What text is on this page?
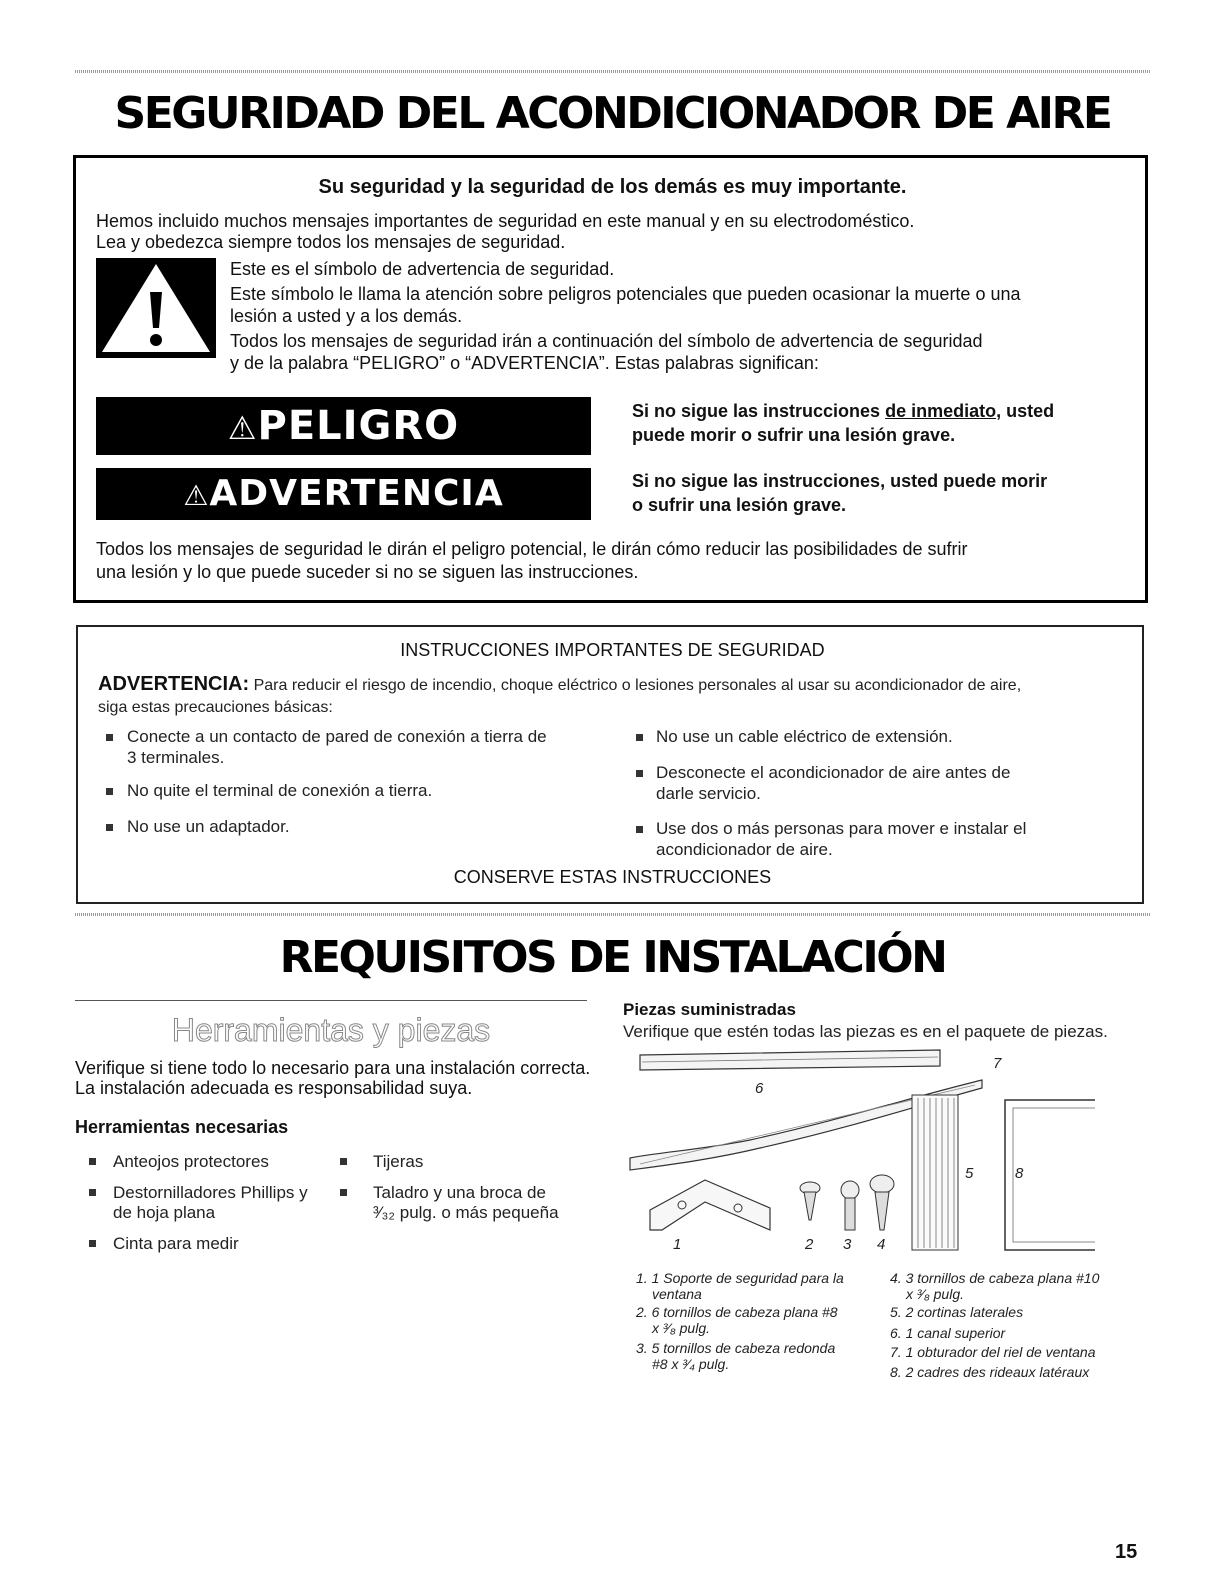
SEGURIDAD DEL ACONDICIONADOR DE AIRE
Su seguridad y la seguridad de los demás es muy importante.
Hemos incluido muchos mensajes importantes de seguridad en este manual y en su electrodoméstico.
Lea y obedezca siempre todos los mensajes de seguridad.
Este es el símbolo de advertencia de seguridad.
Este símbolo le llama la atención sobre peligros potenciales que pueden ocasionar la muerte o una
lesión a usted y a los demás.
Todos los mensajes de seguridad irán a continuación del símbolo de advertencia de seguridad
y de la palabra “PELIGRO” o “ADVERTENCIA”. Estas palabras significan:
⚠PELIGRO	Si no sigue las instrucciones de inmediato, usted
puede morir o sufrir una lesión grave.
⚠ADVERTENCIA	Si no sigue las instrucciones, usted puede morir
o sufrir una lesión grave.
Todos los mensajes de seguridad le dirán el peligro potencial, le dirán cómo reducir las posibilidades de sufrir
una lesión y lo que puede suceder si no se siguen las instrucciones.
INSTRUCCIONES IMPORTANTES DE SEGURIDAD
ADVERTENCIA: Para reducir el riesgo de incendio, choque eléctrico o lesiones personales al usar su acondicionador de aire,
siga estas precauciones básicas:
Conecte a un contacto de pared de conexión a tierra de
3 terminales.
No quite el terminal de conexión a tierra.
No use un adaptador.
No use un cable eléctrico de extensión.
Desconecte el acondicionador de aire antes de
darle servicio.
Use dos o más personas para mover e instalar el
acondicionador de aire.
CONSERVE ESTAS INSTRUCCIONES
REQUISITOS DE INSTALACIÓN
Herramientas y piezas
Verifique si tiene todo lo necesario para una instalación correcta.
La instalación adecuada es responsabilidad suya.
Herramientas necesarias
Anteojos protectores
Destornilladores Phillips y
de hoja plana
Cinta para medir
Tijeras
Taladro y una broca de
³⁄₃₂ pulg. o más pequeña
Piezas suministradas
Verifique que estén todas las piezas es en el paquete de piezas.
6
7
5	8
1	2 3 4
1. 1 Soporte de seguridad para la
ventana
2. 6 tornillos de cabeza plana #8
x ³⁄₈ pulg.
3. 5 tornillos de cabeza redonda
#8 x ³⁄₄ pulg.
4. 3 tornillos de cabeza plana #10
x ³⁄₈ pulg.
5. 2 cortinas laterales
6. 1 canal superior
7. 1 obturador del riel de ventana
8. 2 cadres des rideaux latéraux
15
